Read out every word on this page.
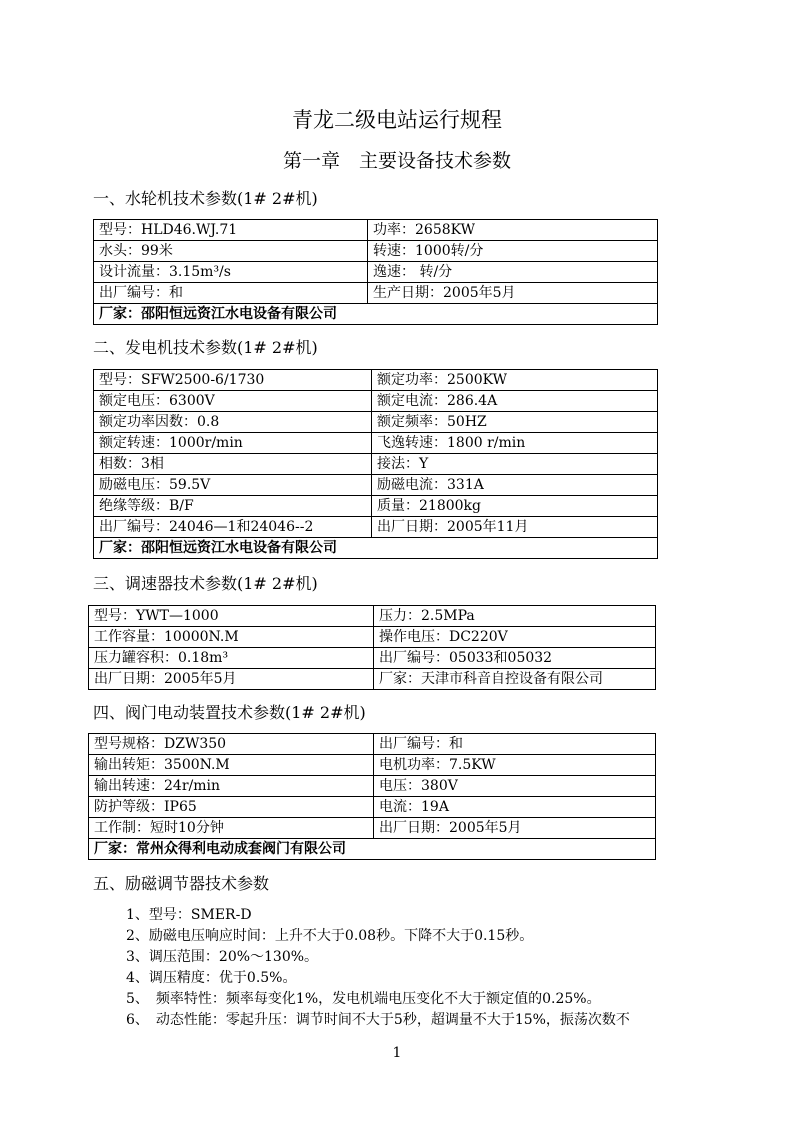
青龙二级电站运行规程
第一章　主要设备技术参数
一、水轮机技术参数(1# 2#机)
型号：HLD46.WJ.71	功率：2658KW
水头：99米	转速：1000转/分
设计流量：3.15m³/s	逸速： 转/分
出厂编号：和	生产日期：2005年5月
厂家：邵阳恒远资江水电设备有限公司	
二、发电机技术参数(1# 2#机)
型号：SFW2500-6/1730	额定功率：2500KW
额定电压：6300V	额定电流：286.4A
额定功率因数：0.8	额定频率：50HZ
额定转速：1000r/min	飞逸转速：1800 r/min
相数：3相	接法：Y
励磁电压：59.5V	励磁电流：331A
绝缘等级：B/F	质量：21800kg
出厂编号：24046—1和24046--2	出厂日期：2005年11月
厂家：邵阳恒远资江水电设备有限公司	
三、调速器技术参数(1# 2#机)
型号：YWT—1000	压力：2.5MPa
工作容量：10000N.M	操作电压：DC220V
压力罐容积：0.18m³	出厂编号：05033和05032
出厂日期：2005年5月	厂家：天津市科音自控设备有限公司
四、阀门电动装置技术参数(1# 2#机)
型号规格：DZW350	出厂编号：和
输出转矩：3500N.M	电机功率：7.5KW
输出转速：24r/min	电压：380V
防护等级：IP65	电流：19A
工作制：短时10分钟	出厂日期：2005年5月
厂家：常州众得利电动成套阀门有限公司	
五、励磁调节器技术参数
1、型号：SMER-D
2、励磁电压响应时间：上升不大于0.08秒。下降不大于0.15秒。
3、调压范围：20%～130%。
4、调压精度：优于0.5%。
5、　频率特性：频率每变化1%，发电机端电压变化不大于额定值的0.25%。
6、　动态性能：零起升压：调节时间不大于5秒，超调量不大于15%，振荡次数不
1
